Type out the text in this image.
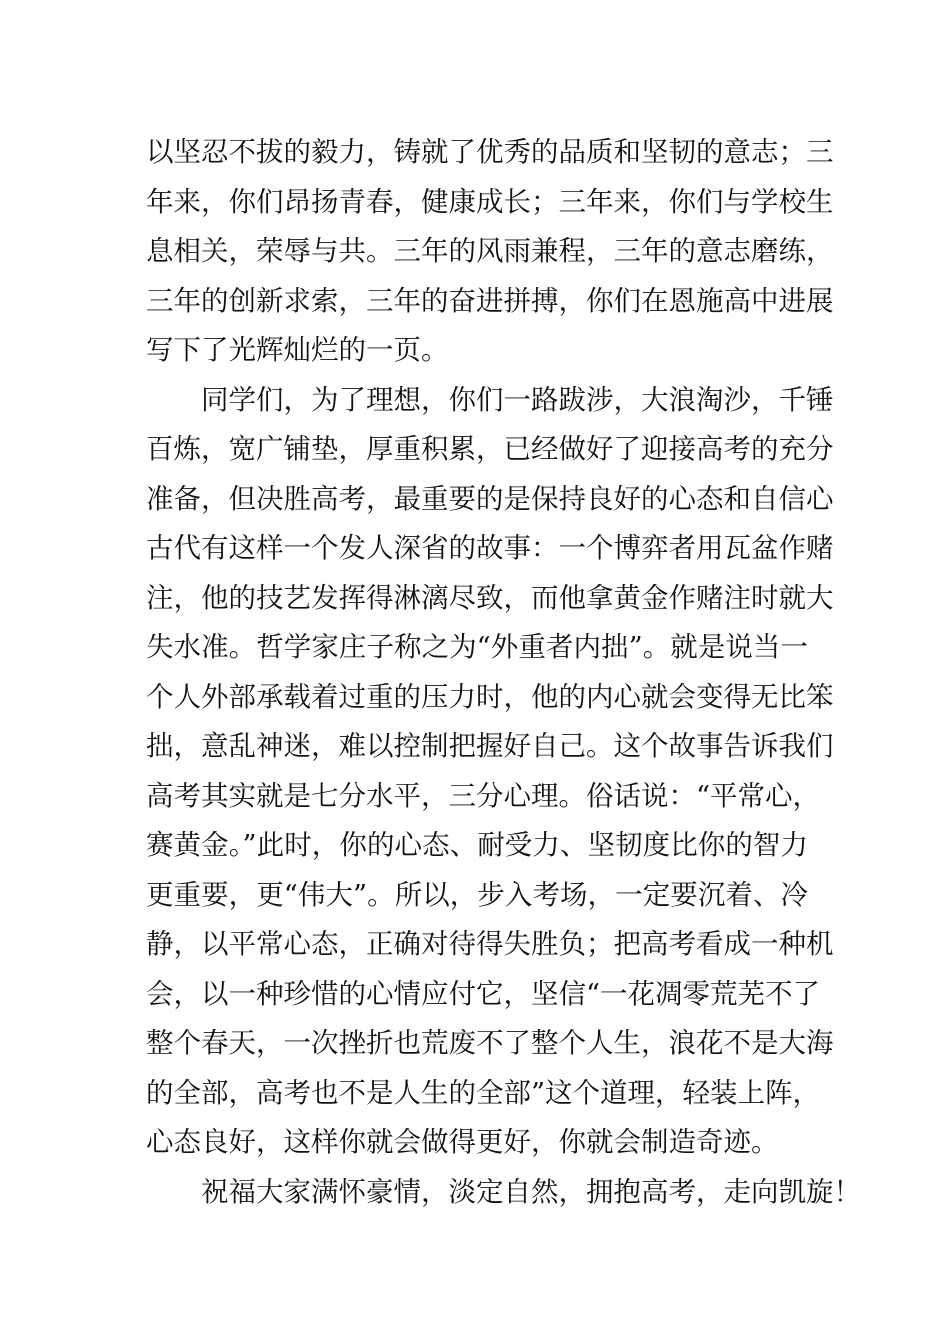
以坚忍不拔的毅力，铸就了优秀的品质和坚韧的意志；三
年来，你们昂扬青春，健康成长；三年来，你们与学校生
息相关，荣辱与共。三年的风雨兼程，三年的意志磨练，
三年的创新求索，三年的奋进拼搏，你们在恩施高中进展
写下了光辉灿烂的一页。
同学们，为了理想，你们一路跋涉，大浪淘沙，千锤
百炼，宽广铺垫，厚重积累，已经做好了迎接高考的充分
准备，但决胜高考，最重要的是保持良好的心态和自信心
古代有这样一个发人深省的故事：一个博弈者用瓦盆作赌
注，他的技艺发挥得淋漓尽致，而他拿黄金作赌注时就大
失水准。哲学家庄子称之为“外重者内拙”。就是说当一
个人外部承载着过重的压力时，他的内心就会变得无比笨
拙，意乱神迷，难以控制把握好自己。这个故事告诉我们
高考其实就是七分水平，三分心理。俗话说：“平常心，
赛黄金。”此时，你的心态、耐受力、坚韧度比你的智力
更重要，更“伟大”。所以，步入考场，一定要沉着、冷
静，以平常心态，正确对待得失胜负；把高考看成一种机
会，以一种珍惜的心情应付它，坚信“一花凋零荒芜不了
整个春天，一次挫折也荒废不了整个人生，浪花不是大海
的全部，高考也不是人生的全部”这个道理，轻装上阵，
心态良好，这样你就会做得更好，你就会制造奇迹。
祝福大家满怀豪情，淡定自然，拥抱高考，走向凯旋！
